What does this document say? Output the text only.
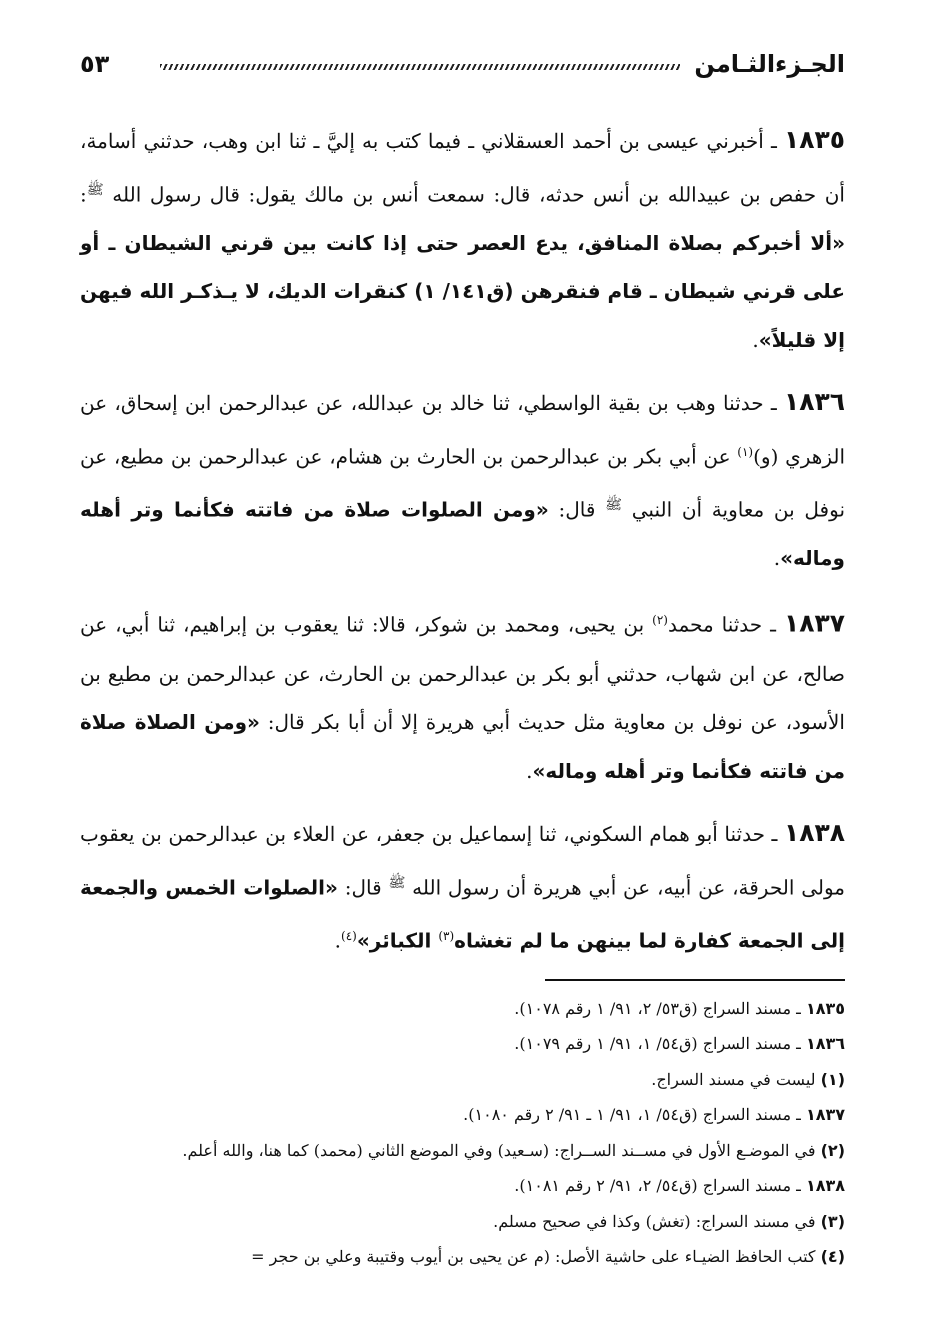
الجـزءالثـامن
٥٣

١٨٣٥ ـ أخبرني عيسى بن أحمد العسقلاني ـ فيما كتب به إليَّ ـ ثنا ابن وهب، حدثني أسامة، أن حفص بن عبيدالله بن أنس حدثه، قال: سمعت أنس بن مالك يقول: قال رسول الله $^ﷺ$: «ألا أخبركم بصلاة المنافق، يدع العصر حتى إذا كانت بين قرني الشيطان ـ أو على قرني شيطان ـ قام فنقرهن (ق١٤١/ ١) كنقرات الديك، لا يـذكـر الله فيهن إلا قليلاً».

١٨٣٦ ـ حدثنا وهب بن بقية الواسطي، ثنا خالد بن عبدالله، عن عبدالرحمن ابن إسحاق، عن الزهري (و)$^{(١)}$ عن أبي بكر بن عبدالرحمن بن الحارث بن هشام، عن عبدالرحمن بن مطيع، عن نوفل بن معاوية أن النبي $^ﷺ$ قال: «ومن الصلوات صلاة من فاتته فكأنما وتر أهله وماله».

١٨٣٧ ـ حدثنا محمد$^{(٢)}$ بن يحيى، ومحمد بن شوكر، قالا: ثنا يعقوب بن إبراهيم، ثنا أبي، عن صالح، عن ابن شهاب، حدثني أبو بكر بن عبدالرحمن بن الحارث، عن عبدالرحمن بن مطيع بن الأسود، عن نوفل بن معاوية مثل حديث أبي هريرة إلا أن أبا بكر قال: «ومن الصلاة صلاة من فاتته فكأنما وتر أهله وماله».

١٨٣٨ ـ حدثنا أبو همام السكوني، ثنا إسماعيل بن جعفر، عن العلاء بن عبدالرحمن بن يعقوب مولى الحرقة، عن أبيه، عن أبي هريرة أن رسول الله $^ﷺ$ قال: «الصلوات الخمس والجمعة إلى الجمعة كفارة لما بينهن ما لم تغشاه$^{(٣)}$ الكبائر»$^{(٤)}$.

١٨٣٥ ـ مسند السراج (ق٥٣/ ٢، ٩١/ ١ رقم ١٠٧٨).

١٨٣٦ ـ مسند السراج (ق٥٤/ ١، ٩١/ ١ رقم ١٠٧٩).

(١) ليست في مسند السراج.

١٨٣٧ ـ مسند السراج (ق٥٤/ ١، ٩١/ ١ ـ ٩١/ ٢ رقم ١٠٨٠).

(٢) في الموضـع الأول في مســند الســراج: (سـعيد) وفي الموضع الثاني (محمد) كما هنا، والله أعلم.

١٨٣٨ ـ مسند السراج (ق٥٤/ ٢، ٩١/ ٢ رقم ١٠٨١).

(٣) في مسند السراج: (تغش) وكذا في صحيح مسلم.

(٤) كتب الحافظ الضيـاء على حاشية الأصل: (م عن يحيى بن أيوب وقتيبة وعلي بن حجر =
